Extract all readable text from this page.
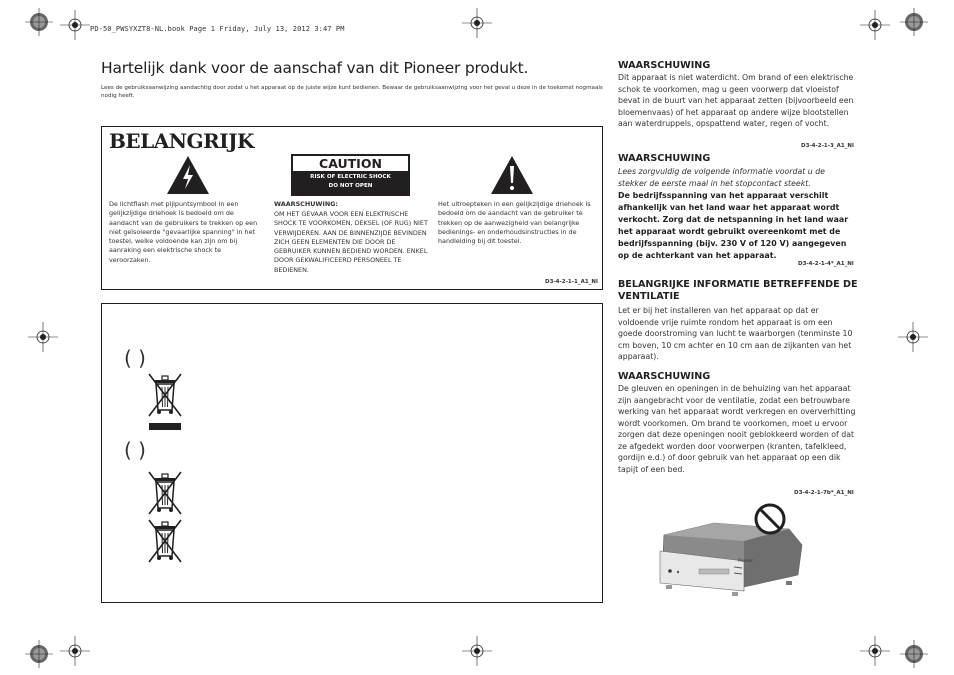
PD-50_PWSYXZT8-NL.book Page 1 Friday, July 13, 2012 3:47 PM
Hartelijk dank voor de aanschaf van dit Pioneer produkt.
Lees de gebruiksaanwijzing aandachtig door zodat u het apparaat op de juiste wijze kunt bedienen. Bewaar de gebruiksaanwijzing voor het geval u deze in de toekomst nogmaals nodig heeft.
BELANGRIJK
De lichtflash met pijlpuntsymbool in een gelijkzijdige driehoek is bedoeld om de aandacht van de gebruikers te trekken op een niet geïsoleerde "gevaarlijke spanning" in het toestel, welke voldoende kan zijn om bij aanraking een elektrische shock te veroorzaken.
CAUTION
RISK OF ELECTRIC SHOCK
DO NOT OPEN
WAARSCHUWING:
OM HET GEVAAR VOOR EEN ELEKTRISCHE SHOCK TE VOORKOMEN, DEKSEL (OF RUG) NIET VERWIJDEREN. AAN DE BINNENZIJDE BEVINDEN ZICH GEEN ELEMENTEN DIE DOOR DE GEBRUIKER KUNNEN BEDIEND WORDEN. ENKEL DOOR GEKWALIFICEERD PERSONEEL TE BEDIENEN.
Het uitroepteken in een gelijkzijdige driehoek is bedoeld om de aandacht van de gebruiker te trekken op de aanwezigheid van belangrijke bedienings- en onderhoudsinstructies in de handleiding bij dit toestel.
D3-4-2-1-1_A1_Nl
( )
( )
WAARSCHUWING
Dit apparaat is niet waterdicht. Om brand of een elektrische schok te voorkomen, mag u geen voorwerp dat vloeistof bevat in de buurt van het apparaat zetten (bijvoorbeeld een bloemenvaas) of het apparaat op andere wijze blootstellen aan waterdruppels, opspattend water, regen of vocht.
D3-4-2-1-3_A1_Nl
WAARSCHUWING
Lees zorgvuldig de volgende informatie voordat u de stekker de eerste maal in het stopcontact steekt.
De bedrijfsspanning van het apparaat verschilt afhankelijk van het land waar het apparaat wordt verkocht. Zorg dat de netspanning in het land waar het apparaat wordt gebruikt overeenkomt met de bedrijfsspanning (bijv. 230 V of 120 V) aangegeven op de achterkant van het apparaat.
D3-4-2-1-4*_A1_Nl
BELANGRIJKE INFORMATIE BETREFFENDE DE VENTILATIE
Let er bij het installeren van het apparaat op dat er voldoende vrije ruimte rondom het apparaat is om een goede doorstroming van lucht te waarborgen (tenminste 10 cm boven, 10 cm achter en 10 cm aan de zijkanten van het apparaat).
WAARSCHUWING
De gleuven en openingen in de behuizing van het apparaat zijn aangebracht voor de ventilatie, zodat een betrouwbare werking van het apparaat wordt verkregen en oververhitting wordt voorkomen. Om brand te voorkomen, moet u ervoor zorgen dat deze openingen nooit geblokkeerd worden of dat ze afgedekt worden door voorwerpen (kranten, tafelkleed, gordijn e.d.) of door gebruik van het apparaat op een dik tapijt of een bed.
D3-4-2-1-7b*_A1_Nl
Pioneer
